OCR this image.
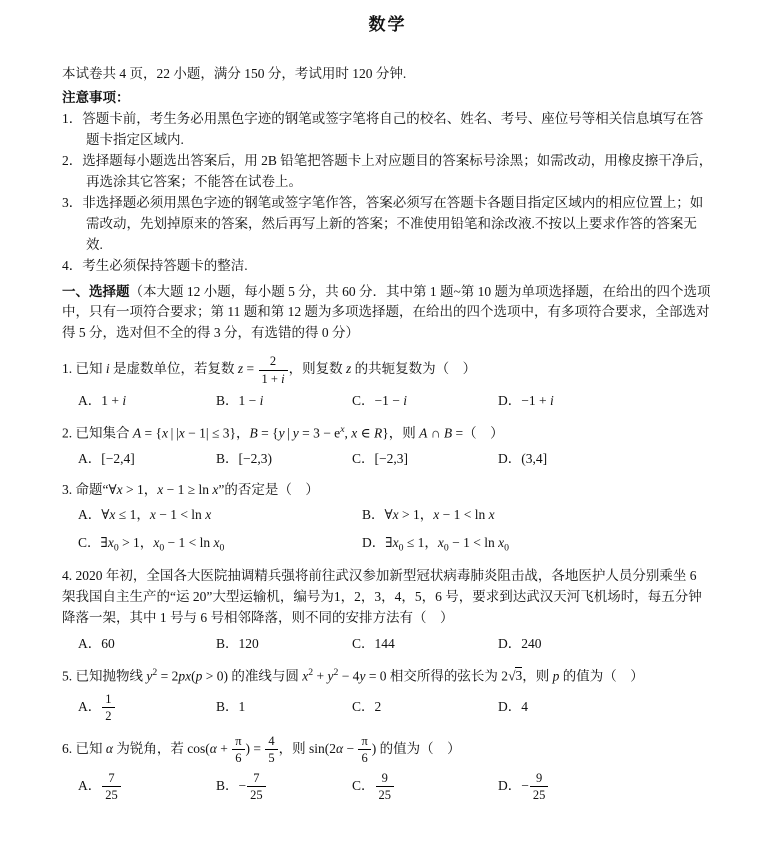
数学

本试卷共 4 页，22 小题，满分 150 分，考试用时 120 分钟.

注意事项：

1．答题卡前，考生务必用黑色字迹的钢笔或签字笔将自己的校名、姓名、考号、座位号等相关信息填写在答题卡指定区域内.

2．选择题每小题选出答案后，用 2B 铅笔把答题卡上对应题目的答案标号涂黑；如需改动，用橡皮擦干净后，再选涂其它答案；不能答在试卷上。

3．非选择题必须用黑色字迹的钢笔或签字笔作答，答案必须写在答题卡各题目指定区域内的相应位置上；如需改动，先划掉原来的答案，然后再写上新的答案；不准使用铅笔和涂改液.不按以上要求作答的答案无效.

4．考生必须保持答题卡的整洁.

一、选择题（本大题 12 小题，每小题 5 分，共 60 分．其中第 1 题~第 10 题为单项选择题，在给出的四个选项中，只有一项符合要求；第 11 题和第 12 题为多项选择题，在给出的四个选项中，有多项符合要求，全部选对得 5 分，选对但不全的得 3 分，有选错的得 0 分）

1. 已知 i 是虚数单位，若复数 $z = \frac{2}{1 + i}$ ，则复数 z 的共轭复数为（　）
A．1 + i	B．1 − i	C．−1 − i	D．−1 + i
2. 已知集合 A = {x | |x − 1| ≤ 3}，B = {y | $y = 3 - e^x$, x ∈ R}，则 A ∩ B =（　）
A．[−2,4]	B．[−2,3)	C．[−2,3]	D．(3,4]
3. 命题“∀x > 1，x − 1 ≥ ln x”的否定是（　）
A．∀x ≤ 1，x − 1 < ln x	B．∀x > 1，x − 1 < ln x
C．$\exists x_0 > 1$，$x_0 - 1 < \ln x_0$	D．$\exists x_0 \le 1$，$x_0 - 1 < \ln x_0$
4. 2020 年初，全国各大医院抽调精兵强将前往武汉参加新型冠状病毒肺炎阻击战，各地医护人员分别乘坐 6 架我国自主生产的“运 20”大型运输机，编号为1，2，3，4，5，6 号，要求到达武汉天河飞机场时，每五分钟降落一架，其中 1 号与 6 号相邻降落，则不同的安排方法有（　）
A．60	B．120	C．144	D．240
5. 已知抛物线 $y^2 = 2px(p > 0)$ 的准线与圆 $x^2 + y^2 - 4y = 0$ 相交所得的弦长为 2√3，则 p 的值为（　）
A． $\frac{1}{2}$	B．1	C．2	D．4
6. 已知 α 为锐角，若 $\cos(\alpha + \frac{\pi}{6}$ ) = $\frac{4}{5}$ ，则 $\sin(2\alpha - \frac{\pi}{6}$ ) 的值为（　）
A． $\frac{7}{25}$	B．− $\frac{7}{25}$	C． $\frac{9}{25}$	D．− $\frac{9}{25}$
